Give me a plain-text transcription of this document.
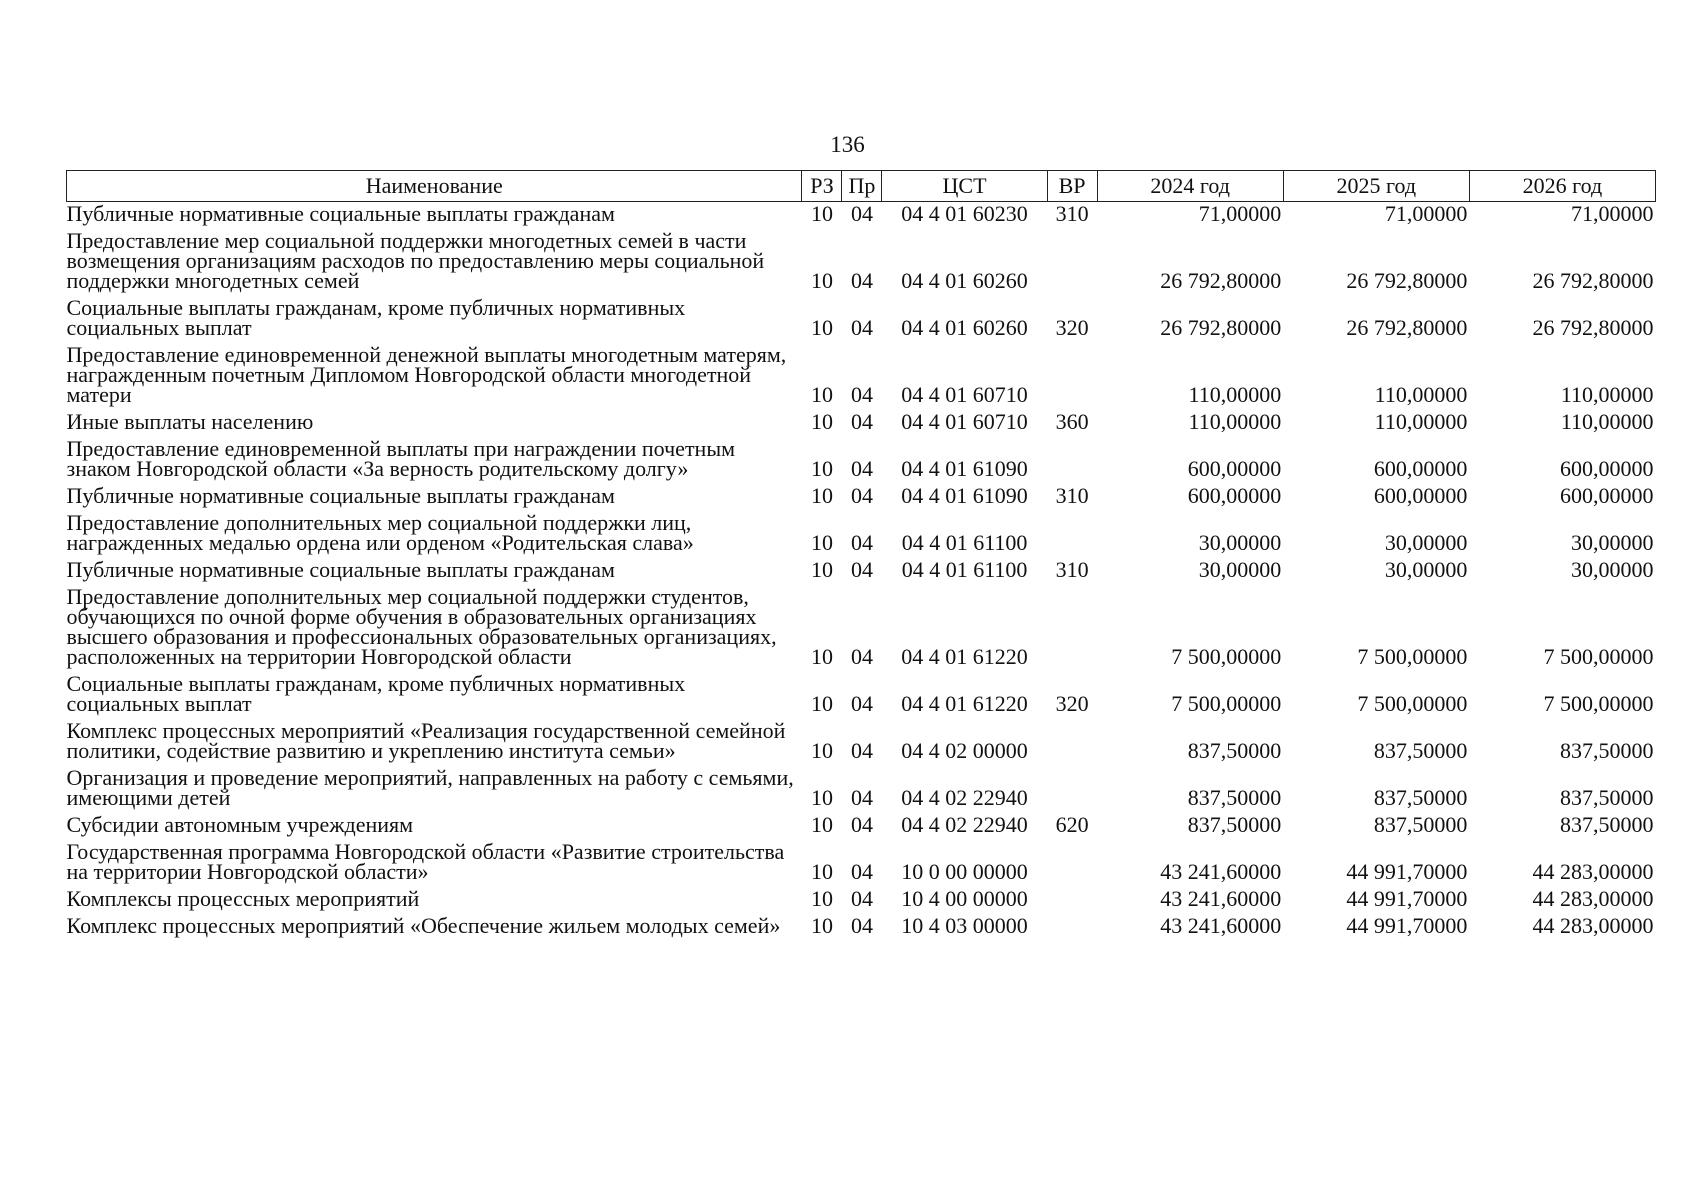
136
Наименование	РЗ	Пр	ЦСТ	ВР	2024 год	2025 год	2026 год
Публичные нормативные социальные выплаты гражданам	10	04	04 4 01 60230	310	71,00000	71,00000	71,00000
Предоставление мер социальной поддержки многодетных семей в части возмещения организациям расходов по предоставлению меры социальной поддержки многодетных семей	10	04	04 4 01 60260		26 792,80000	26 792,80000	26 792,80000
Социальные выплаты гражданам, кроме публичных нормативных социальных выплат	10	04	04 4 01 60260	320	26 792,80000	26 792,80000	26 792,80000
Предоставление единовременной денежной выплаты многодетным матерям, награжденным почетным Дипломом Новгородской области многодетной матери	10	04	04 4 01 60710		110,00000	110,00000	110,00000
Иные выплаты населению	10	04	04 4 01 60710	360	110,00000	110,00000	110,00000
Предоставление единовременной выплаты при награждении почетным знаком Новгородской области «За верность родительскому долгу»	10	04	04 4 01 61090		600,00000	600,00000	600,00000
Публичные нормативные социальные выплаты гражданам	10	04	04 4 01 61090	310	600,00000	600,00000	600,00000
Предоставление дополнительных мер социальной поддержки лиц, награжденных медалью ордена или орденом «Родительская слава»	10	04	04 4 01 61100		30,00000	30,00000	30,00000
Публичные нормативные социальные выплаты гражданам	10	04	04 4 01 61100	310	30,00000	30,00000	30,00000
Предоставление дополнительных мер социальной поддержки студентов, обучающихся по очной форме обучения в образовательных организациях высшего образования и профессиональных образовательных организациях, расположенных на территории Новгородской области	10	04	04 4 01 61220		7 500,00000	7 500,00000	7 500,00000
Социальные выплаты гражданам, кроме публичных нормативных социальных выплат	10	04	04 4 01 61220	320	7 500,00000	7 500,00000	7 500,00000
Комплекс процессных мероприятий «Реализация государственной семейной политики, содействие развитию и укреплению института семьи»	10	04	04 4 02 00000		837,50000	837,50000	837,50000
Организация и проведение мероприятий, направленных на работу с семьями, имеющими детей	10	04	04 4 02 22940		837,50000	837,50000	837,50000
Субсидии автономным учреждениям	10	04	04 4 02 22940	620	837,50000	837,50000	837,50000
Государственная программа Новгородской области «Развитие строительства на территории Новгородской области»	10	04	10 0 00 00000		43 241,60000	44 991,70000	44 283,00000
Комплексы процессных мероприятий	10	04	10 4 00 00000		43 241,60000	44 991,70000	44 283,00000
Комплекс процессных мероприятий «Обеспечение жильем молодых семей»	10	04	10 4 03 00000		43 241,60000	44 991,70000	44 283,00000
